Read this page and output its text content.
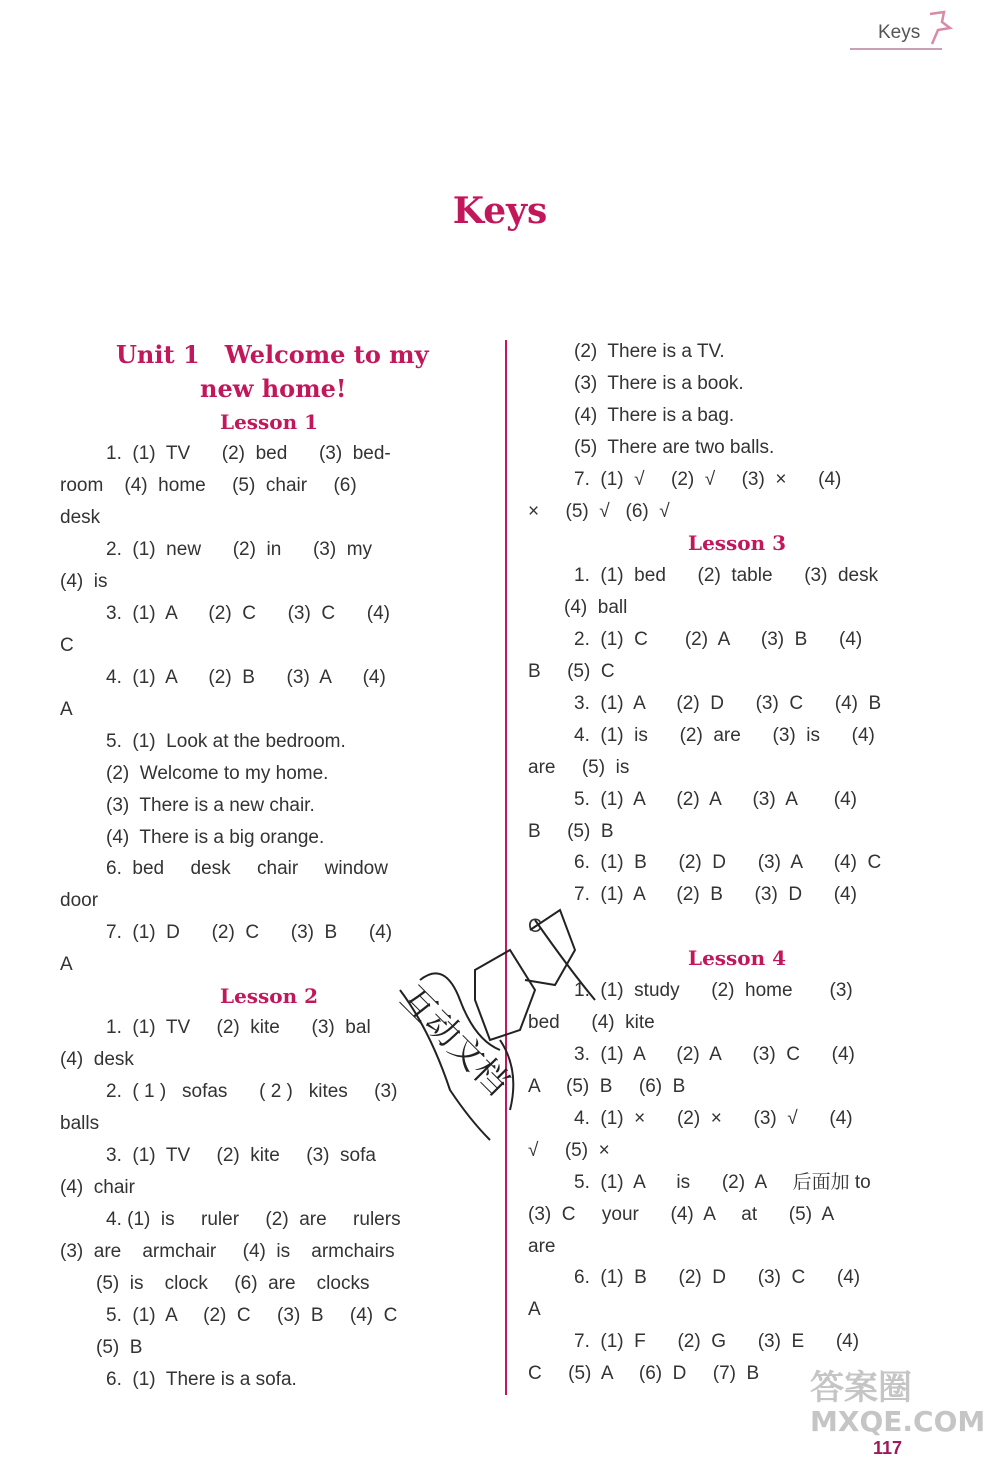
Keys
Keys
Unit 1   Welcome to my
new home!
Lesson 1
1.  (1)  TV      (2)  bed      (3)  bed-
room    (4)  home     (5)  chair     (6)
desk
2.  (1)  new      (2)  in      (3)  my
(4)  is
3.  (1)  A      (2)  C      (3)  C      (4)
C
4.  (1)  A      (2)  B      (3)  A      (4)
A
5.  (1)  Look at the bedroom.
(2)  Welcome to my home.
(3)  There is a new chair.
(4)  There is a big orange.
6.  bed     desk     chair     window
door
7.  (1)  D      (2)  C      (3)  B      (4)
A
Lesson 2
1.  (1)  TV     (2)  kite      (3)  bal
(4)  desk
2.  ( 1 )   sofas      ( 2 )   kites     (3)
balls
3.  (1)  TV     (2)  kite     (3)  sofa
(4)  chair
4. (1)  is     ruler     (2)  are     rulers
(3)  are    armchair     (4)  is    armchairs
(5)  is    clock     (6)  are    clocks
5.  (1)  A     (2)  C     (3)  B     (4)  C
(5)  B
6.  (1)  There is a sofa.
(2)  There is a TV.
(3)  There is a book.
(4)  There is a bag.
(5)  There are two balls.
7.  (1)  √     (2)  √     (3)  ×      (4)
×     (5)  √   (6)  √
Lesson 3
1.  (1)  bed      (2)  table      (3)  desk
(4)  ball
2.  (1)  C       (2)  A      (3)  B      (4)
B     (5)  C
3.  (1)  A      (2)  D      (3)  C      (4)  B
4.  (1)  is      (2)  are      (3)  is      (4)
are     (5)  is
5.  (1)  A      (2)  A      (3)  A       (4)
B     (5)  B
6.  (1)  B      (2)  D      (3)  A      (4)  C
7.  (1)  A      (2)  B      (3)  D      (4)
C
Lesson 4
1.  (1)  study      (2)  home       (3)
bed      (4)  kite
3.  (1)  A      (2)  A      (3)  C      (4)
A     (5)  B     (6)  B
4.  (1)  ×      (2)  ×      (3)  √      (4)
√     (5)  ×
5.  (1)  A      is      (2)  A     后面加 to
(3)  C     your      (4)  A     at      (5)  A
are
6.  (1)  B      (2)  D      (3)  C      (4)
A
7.  (1)  F      (2)  G      (3)  E      (4)
C     (5)  A     (6)  D     (7)  B
互动文档
答案圈
MXQE.COM
117
